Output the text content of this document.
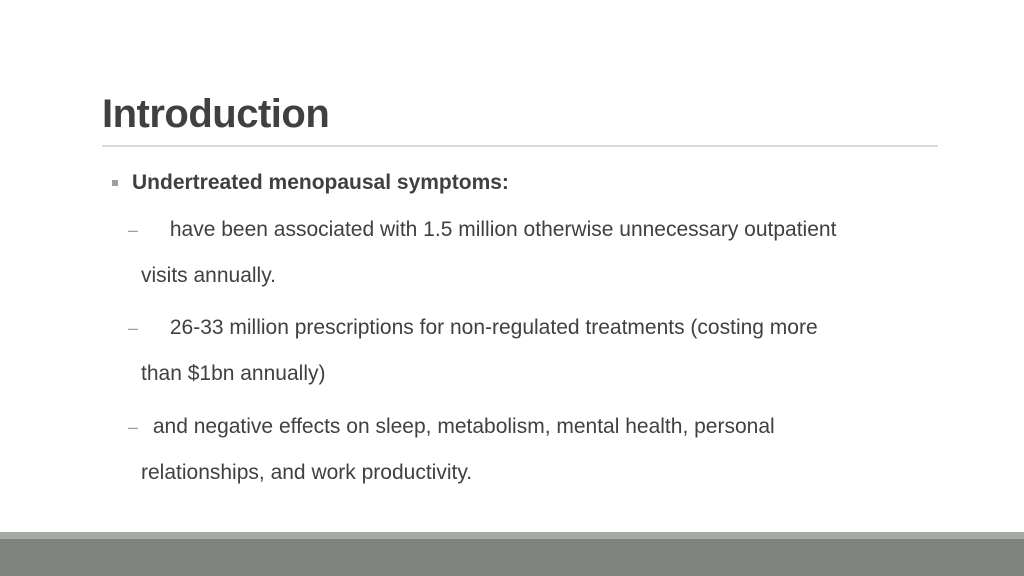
Introduction
Undertreated menopausal symptoms:
– have been associated with 1.5 million otherwise unnecessary outpatient
visits annually.
– 26-33 million prescriptions for non-regulated treatments (costing more
than $1bn annually)
– and negative effects on sleep, metabolism, mental health, personal
relationships, and work productivity.
